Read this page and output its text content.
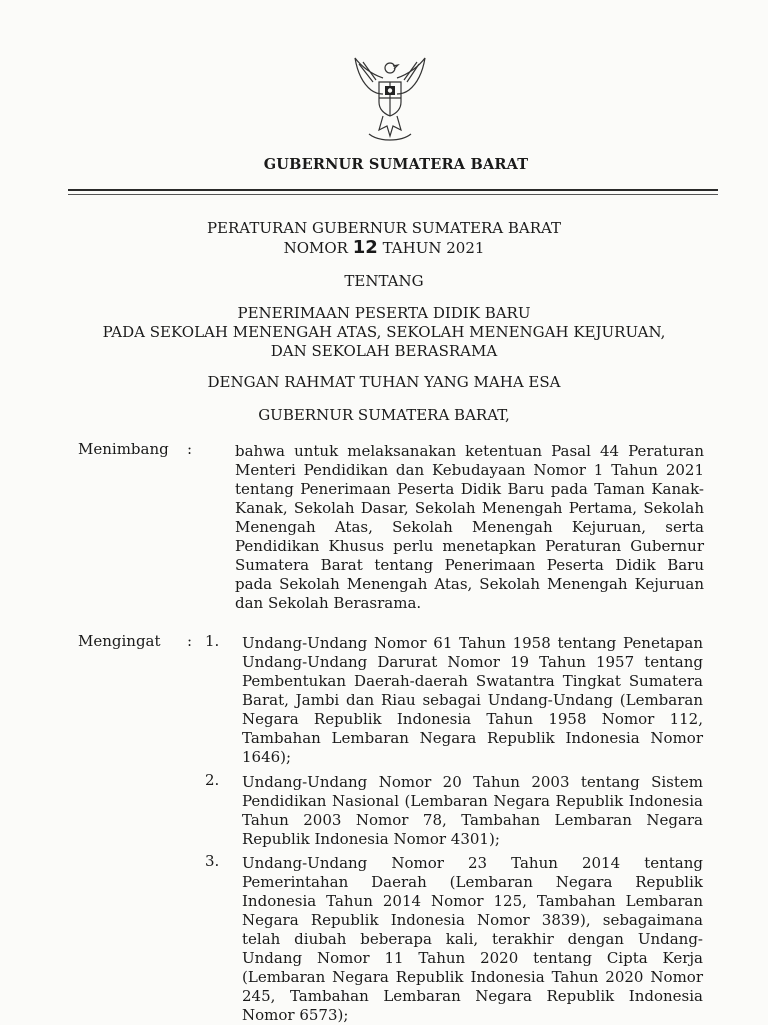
GUBERNUR SUMATERA BARAT
PERATURAN GUBERNUR SUMATERA BARAT
NOMOR 12 TAHUN 2021
TENTANG
PENERIMAAN PESERTA DIDIK BARU
PADA SEKOLAH MENENGAH ATAS, SEKOLAH MENENGAH KEJURUAN,
DAN SEKOLAH BERASRAMA
DENGAN RAHMAT TUHAN YANG MAHA ESA
GUBERNUR SUMATERA BARAT,
Menimbang :	bahwa untuk melaksanakan ketentuan Pasal 44 Peraturan
Menteri Pendidikan dan Kebudayaan Nomor 1 Tahun 2021
tentang Penerimaan Peserta Didik Baru pada Taman Kanak-
Kanak, Sekolah Dasar, Sekolah Menengah Pertama, Sekolah
Menengah Atas, Sekolah Menengah Kejuruan, serta
Pendidikan Khusus perlu menetapkan Peraturan Gubernur
Sumatera Barat tentang Penerimaan Peserta Didik Baru
pada Sekolah Menengah Atas, Sekolah Menengah Kejuruan
dan Sekolah Berasrama.
Mengingat : 1. Undang-Undang Nomor 61 Tahun 1958 tentang Penetapan
Undang-Undang Darurat Nomor 19 Tahun 1957 tentang
Pembentukan Daerah-daerah Swatantra Tingkat Sumatera
Barat, Jambi dan Riau sebagai Undang-Undang (Lembaran
Negara Republik Indonesia Tahun 1958 Nomor 112,
Tambahan Lembaran Negara Republik Indonesia Nomor
1646);
2. Undang-Undang Nomor 20 Tahun 2003 tentang Sistem
Pendidikan Nasional (Lembaran Negara Republik Indonesia
Tahun 2003 Nomor 78, Tambahan Lembaran Negara
Republik Indonesia Nomor 4301);
3. Undang-Undang Nomor 23 Tahun 2014 tentang
Pemerintahan Daerah (Lembaran Negara Republik
Indonesia Tahun 2014 Nomor 125, Tambahan Lembaran
Negara Republik Indonesia Nomor 3839), sebagaimana
telah diubah beberapa kali, terakhir dengan Undang-
Undang Nomor 11 Tahun 2020 tentang Cipta Kerja
(Lembaran Negara Republik Indonesia Tahun 2020 Nomor
245, Tambahan Lembaran Negara Republik Indonesia
Nomor 6573);
